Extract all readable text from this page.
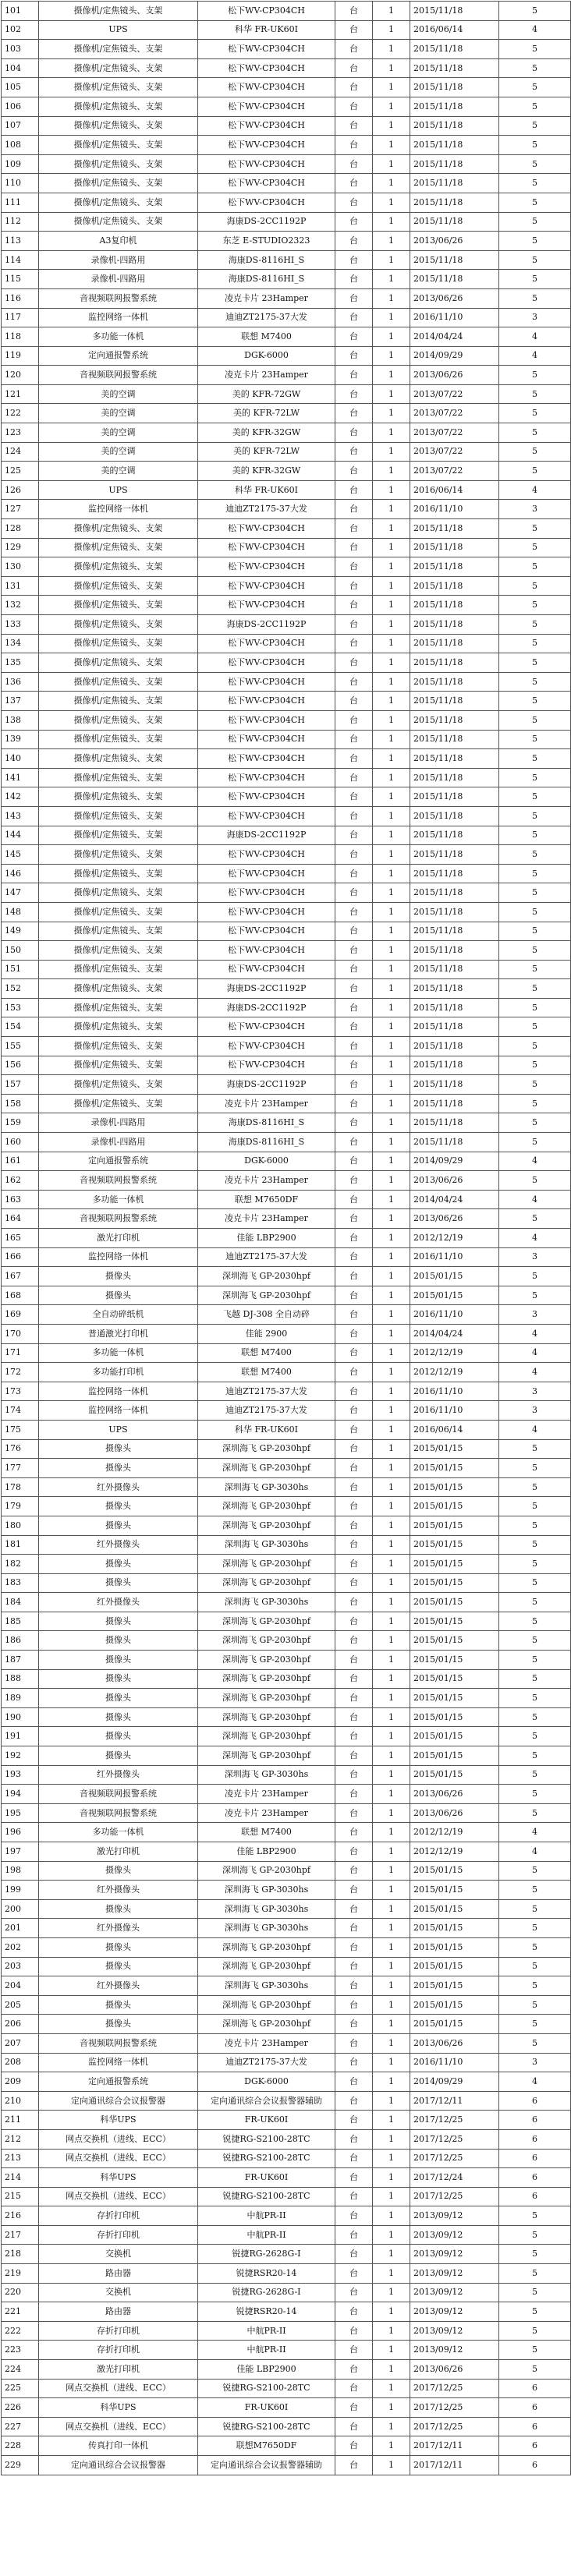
101	摄像机/定焦镜头、支架	松下WV-CP304CH	台	1	2015/11/18	5
102	UPS	科华 FR-UK60I	台	1	2016/06/14	4
103	摄像机/定焦镜头、支架	松下WV-CP304CH	台	1	2015/11/18	5
104	摄像机/定焦镜头、支架	松下WV-CP304CH	台	1	2015/11/18	5
105	摄像机/定焦镜头、支架	松下WV-CP304CH	台	1	2015/11/18	5
106	摄像机/定焦镜头、支架	松下WV-CP304CH	台	1	2015/11/18	5
107	摄像机/定焦镜头、支架	松下WV-CP304CH	台	1	2015/11/18	5
108	摄像机/定焦镜头、支架	松下WV-CP304CH	台	1	2015/11/18	5
109	摄像机/定焦镜头、支架	松下WV-CP304CH	台	1	2015/11/18	5
110	摄像机/定焦镜头、支架	松下WV-CP304CH	台	1	2015/11/18	5
111	摄像机/定焦镜头、支架	松下WV-CP304CH	台	1	2015/11/18	5
112	摄像机/定焦镜头、支架	海康DS-2CC1192P	台	1	2015/11/18	5
113	A3复印机	东芝 E-STUDIO2323	台	1	2013/06/26	5
114	录像机-四路用	海康DS-8116HI_S	台	1	2015/11/18	5
115	录像机-四路用	海康DS-8116HI_S	台	1	2015/11/18	5
116	音视频联网报警系统	凌克卡片 23Hamper	台	1	2013/06/26	5
117	监控网络一体机	迪迪ZT2175-37大发	台	1	2016/11/10	3
118	多功能一体机	联想 M7400	台	1	2014/04/24	4
119	定向通报警系统	DGK-6000	台	1	2014/09/29	4
120	音视频联网报警系统	凌克卡片 23Hamper	台	1	2013/06/26	5
121	美的空调	美的 KFR-72GW	台	1	2013/07/22	5
122	美的空调	美的 KFR-72LW	台	1	2013/07/22	5
123	美的空调	美的 KFR-32GW	台	1	2013/07/22	5
124	美的空调	美的 KFR-72LW	台	1	2013/07/22	5
125	美的空调	美的 KFR-32GW	台	1	2013/07/22	5
126	UPS	科华 FR-UK60I	台	1	2016/06/14	4
127	监控网络一体机	迪迪ZT2175-37大发	台	1	2016/11/10	3
128	摄像机/定焦镜头、支架	松下WV-CP304CH	台	1	2015/11/18	5
129	摄像机/定焦镜头、支架	松下WV-CP304CH	台	1	2015/11/18	5
130	摄像机/定焦镜头、支架	松下WV-CP304CH	台	1	2015/11/18	5
131	摄像机/定焦镜头、支架	松下WV-CP304CH	台	1	2015/11/18	5
132	摄像机/定焦镜头、支架	松下WV-CP304CH	台	1	2015/11/18	5
133	摄像机/定焦镜头、支架	海康DS-2CC1192P	台	1	2015/11/18	5
134	摄像机/定焦镜头、支架	松下WV-CP304CH	台	1	2015/11/18	5
135	摄像机/定焦镜头、支架	松下WV-CP304CH	台	1	2015/11/18	5
136	摄像机/定焦镜头、支架	松下WV-CP304CH	台	1	2015/11/18	5
137	摄像机/定焦镜头、支架	松下WV-CP304CH	台	1	2015/11/18	5
138	摄像机/定焦镜头、支架	松下WV-CP304CH	台	1	2015/11/18	5
139	摄像机/定焦镜头、支架	松下WV-CP304CH	台	1	2015/11/18	5
140	摄像机/定焦镜头、支架	松下WV-CP304CH	台	1	2015/11/18	5
141	摄像机/定焦镜头、支架	松下WV-CP304CH	台	1	2015/11/18	5
142	摄像机/定焦镜头、支架	松下WV-CP304CH	台	1	2015/11/18	5
143	摄像机/定焦镜头、支架	松下WV-CP304CH	台	1	2015/11/18	5
144	摄像机/定焦镜头、支架	海康DS-2CC1192P	台	1	2015/11/18	5
145	摄像机/定焦镜头、支架	松下WV-CP304CH	台	1	2015/11/18	5
146	摄像机/定焦镜头、支架	松下WV-CP304CH	台	1	2015/11/18	5
147	摄像机/定焦镜头、支架	松下WV-CP304CH	台	1	2015/11/18	5
148	摄像机/定焦镜头、支架	松下WV-CP304CH	台	1	2015/11/18	5
149	摄像机/定焦镜头、支架	松下WV-CP304CH	台	1	2015/11/18	5
150	摄像机/定焦镜头、支架	松下WV-CP304CH	台	1	2015/11/18	5
151	摄像机/定焦镜头、支架	松下WV-CP304CH	台	1	2015/11/18	5
152	摄像机/定焦镜头、支架	海康DS-2CC1192P	台	1	2015/11/18	5
153	摄像机/定焦镜头、支架	海康DS-2CC1192P	台	1	2015/11/18	5
154	摄像机/定焦镜头、支架	松下WV-CP304CH	台	1	2015/11/18	5
155	摄像机/定焦镜头、支架	松下WV-CP304CH	台	1	2015/11/18	5
156	摄像机/定焦镜头、支架	松下WV-CP304CH	台	1	2015/11/18	5
157	摄像机/定焦镜头、支架	海康DS-2CC1192P	台	1	2015/11/18	5
158	摄像机/定焦镜头、支架	凌克卡片 23Hamper	台	1	2015/11/18	5
159	录像机-四路用	海康DS-8116HI_S	台	1	2015/11/18	5
160	录像机-四路用	海康DS-8116HI_S	台	1	2015/11/18	5
161	定向通报警系统	DGK-6000	台	1	2014/09/29	4
162	音视频联网报警系统	凌克卡片 23Hamper	台	1	2013/06/26	5
163	多功能一体机	联想 M7650DF	台	1	2014/04/24	4
164	音视频联网报警系统	凌克卡片 23Hamper	台	1	2013/06/26	5
165	激光打印机	佳能 LBP2900	台	1	2012/12/19	4
166	监控网络一体机	迪迪ZT2175-37大发	台	1	2016/11/10	3
167	摄像头	深圳海飞 GP-2030hpf	台	1	2015/01/15	5
168	摄像头	深圳海飞 GP-2030hpf	台	1	2015/01/15	5
169	全自动碎纸机	飞越 DJ-308 全自动碎	台	1	2016/11/10	3
170	普通激光打印机	佳能 2900	台	1	2014/04/24	4
171	多功能一体机	联想 M7400	台	1	2012/12/19	4
172	多功能打印机	联想 M7400	台	1	2012/12/19	4
173	监控网络一体机	迪迪ZT2175-37大发	台	1	2016/11/10	3
174	监控网络一体机	迪迪ZT2175-37大发	台	1	2016/11/10	3
175	UPS	科华 FR-UK60I	台	1	2016/06/14	4
176	摄像头	深圳海飞 GP-2030hpf	台	1	2015/01/15	5
177	摄像头	深圳海飞 GP-2030hpf	台	1	2015/01/15	5
178	红外摄像头	深圳海飞 GP-3030hs	台	1	2015/01/15	5
179	摄像头	深圳海飞 GP-2030hpf	台	1	2015/01/15	5
180	摄像头	深圳海飞 GP-2030hpf	台	1	2015/01/15	5
181	红外摄像头	深圳海飞 GP-3030hs	台	1	2015/01/15	5
182	摄像头	深圳海飞 GP-2030hpf	台	1	2015/01/15	5
183	摄像头	深圳海飞 GP-2030hpf	台	1	2015/01/15	5
184	红外摄像头	深圳海飞 GP-3030hs	台	1	2015/01/15	5
185	摄像头	深圳海飞 GP-2030hpf	台	1	2015/01/15	5
186	摄像头	深圳海飞 GP-2030hpf	台	1	2015/01/15	5
187	摄像头	深圳海飞 GP-2030hpf	台	1	2015/01/15	5
188	摄像头	深圳海飞 GP-2030hpf	台	1	2015/01/15	5
189	摄像头	深圳海飞 GP-2030hpf	台	1	2015/01/15	5
190	摄像头	深圳海飞 GP-2030hpf	台	1	2015/01/15	5
191	摄像头	深圳海飞 GP-2030hpf	台	1	2015/01/15	5
192	摄像头	深圳海飞 GP-2030hpf	台	1	2015/01/15	5
193	红外摄像头	深圳海飞 GP-3030hs	台	1	2015/01/15	5
194	音视频联网报警系统	凌克卡片 23Hamper	台	1	2013/06/26	5
195	音视频联网报警系统	凌克卡片 23Hamper	台	1	2013/06/26	5
196	多功能一体机	联想 M7400	台	1	2012/12/19	4
197	激光打印机	佳能 LBP2900	台	1	2012/12/19	4
198	摄像头	深圳海飞 GP-2030hpf	台	1	2015/01/15	5
199	红外摄像头	深圳海飞 GP-3030hs	台	1	2015/01/15	5
200	摄像头	深圳海飞 GP-3030hs	台	1	2015/01/15	5
201	红外摄像头	深圳海飞 GP-3030hs	台	1	2015/01/15	5
202	摄像头	深圳海飞 GP-2030hpf	台	1	2015/01/15	5
203	摄像头	深圳海飞 GP-2030hpf	台	1	2015/01/15	5
204	红外摄像头	深圳海飞 GP-3030hs	台	1	2015/01/15	5
205	摄像头	深圳海飞 GP-2030hpf	台	1	2015/01/15	5
206	摄像头	深圳海飞 GP-2030hpf	台	1	2015/01/15	5
207	音视频联网报警系统	凌克卡片 23Hamper	台	1	2013/06/26	5
208	监控网络一体机	迪迪ZT2175-37大发	台	1	2016/11/10	3
209	定向通报警系统	DGK-6000	台	1	2014/09/29	4
210	定向通讯综合会议报警器	定向通讯综合会议报警器辅助	台	1	2017/12/11	6
211	科华UPS	FR-UK60I	台	1	2017/12/25	6
212	网点交换机（进线、ECC）	锐捷RG-S2100-28TC	台	1	2017/12/25	6
213	网点交换机（进线、ECC）	锐捷RG-S2100-28TC	台	1	2017/12/25	6
214	科华UPS	FR-UK60I	台	1	2017/12/24	6
215	网点交换机（进线、ECC）	锐捷RG-S2100-28TC	台	1	2017/12/25	6
216	存折打印机	中航PR-II	台	1	2013/09/12	5
217	存折打印机	中航PR-II	台	1	2013/09/12	5
218	交换机	锐捷RG-2628G-I	台	1	2013/09/12	5
219	路由器	锐捷RSR20-14	台	1	2013/09/12	5
220	交换机	锐捷RG-2628G-I	台	1	2013/09/12	5
221	路由器	锐捷RSR20-14	台	1	2013/09/12	5
222	存折打印机	中航PR-II	台	1	2013/09/12	5
223	存折打印机	中航PR-II	台	1	2013/09/12	5
224	激光打印机	佳能 LBP2900	台	1	2013/06/26	5
225	网点交换机（进线、ECC）	锐捷RG-S2100-28TC	台	1	2017/12/25	6
226	科华UPS	FR-UK60I	台	1	2017/12/25	6
227	网点交换机（进线、ECC）	锐捷RG-S2100-28TC	台	1	2017/12/25	6
228	传真打印一体机	联想M7650DF	台	1	2017/12/11	6
229	定向通讯综合会议报警器	定向通讯综合会议报警器辅助	台	1	2017/12/11	6
